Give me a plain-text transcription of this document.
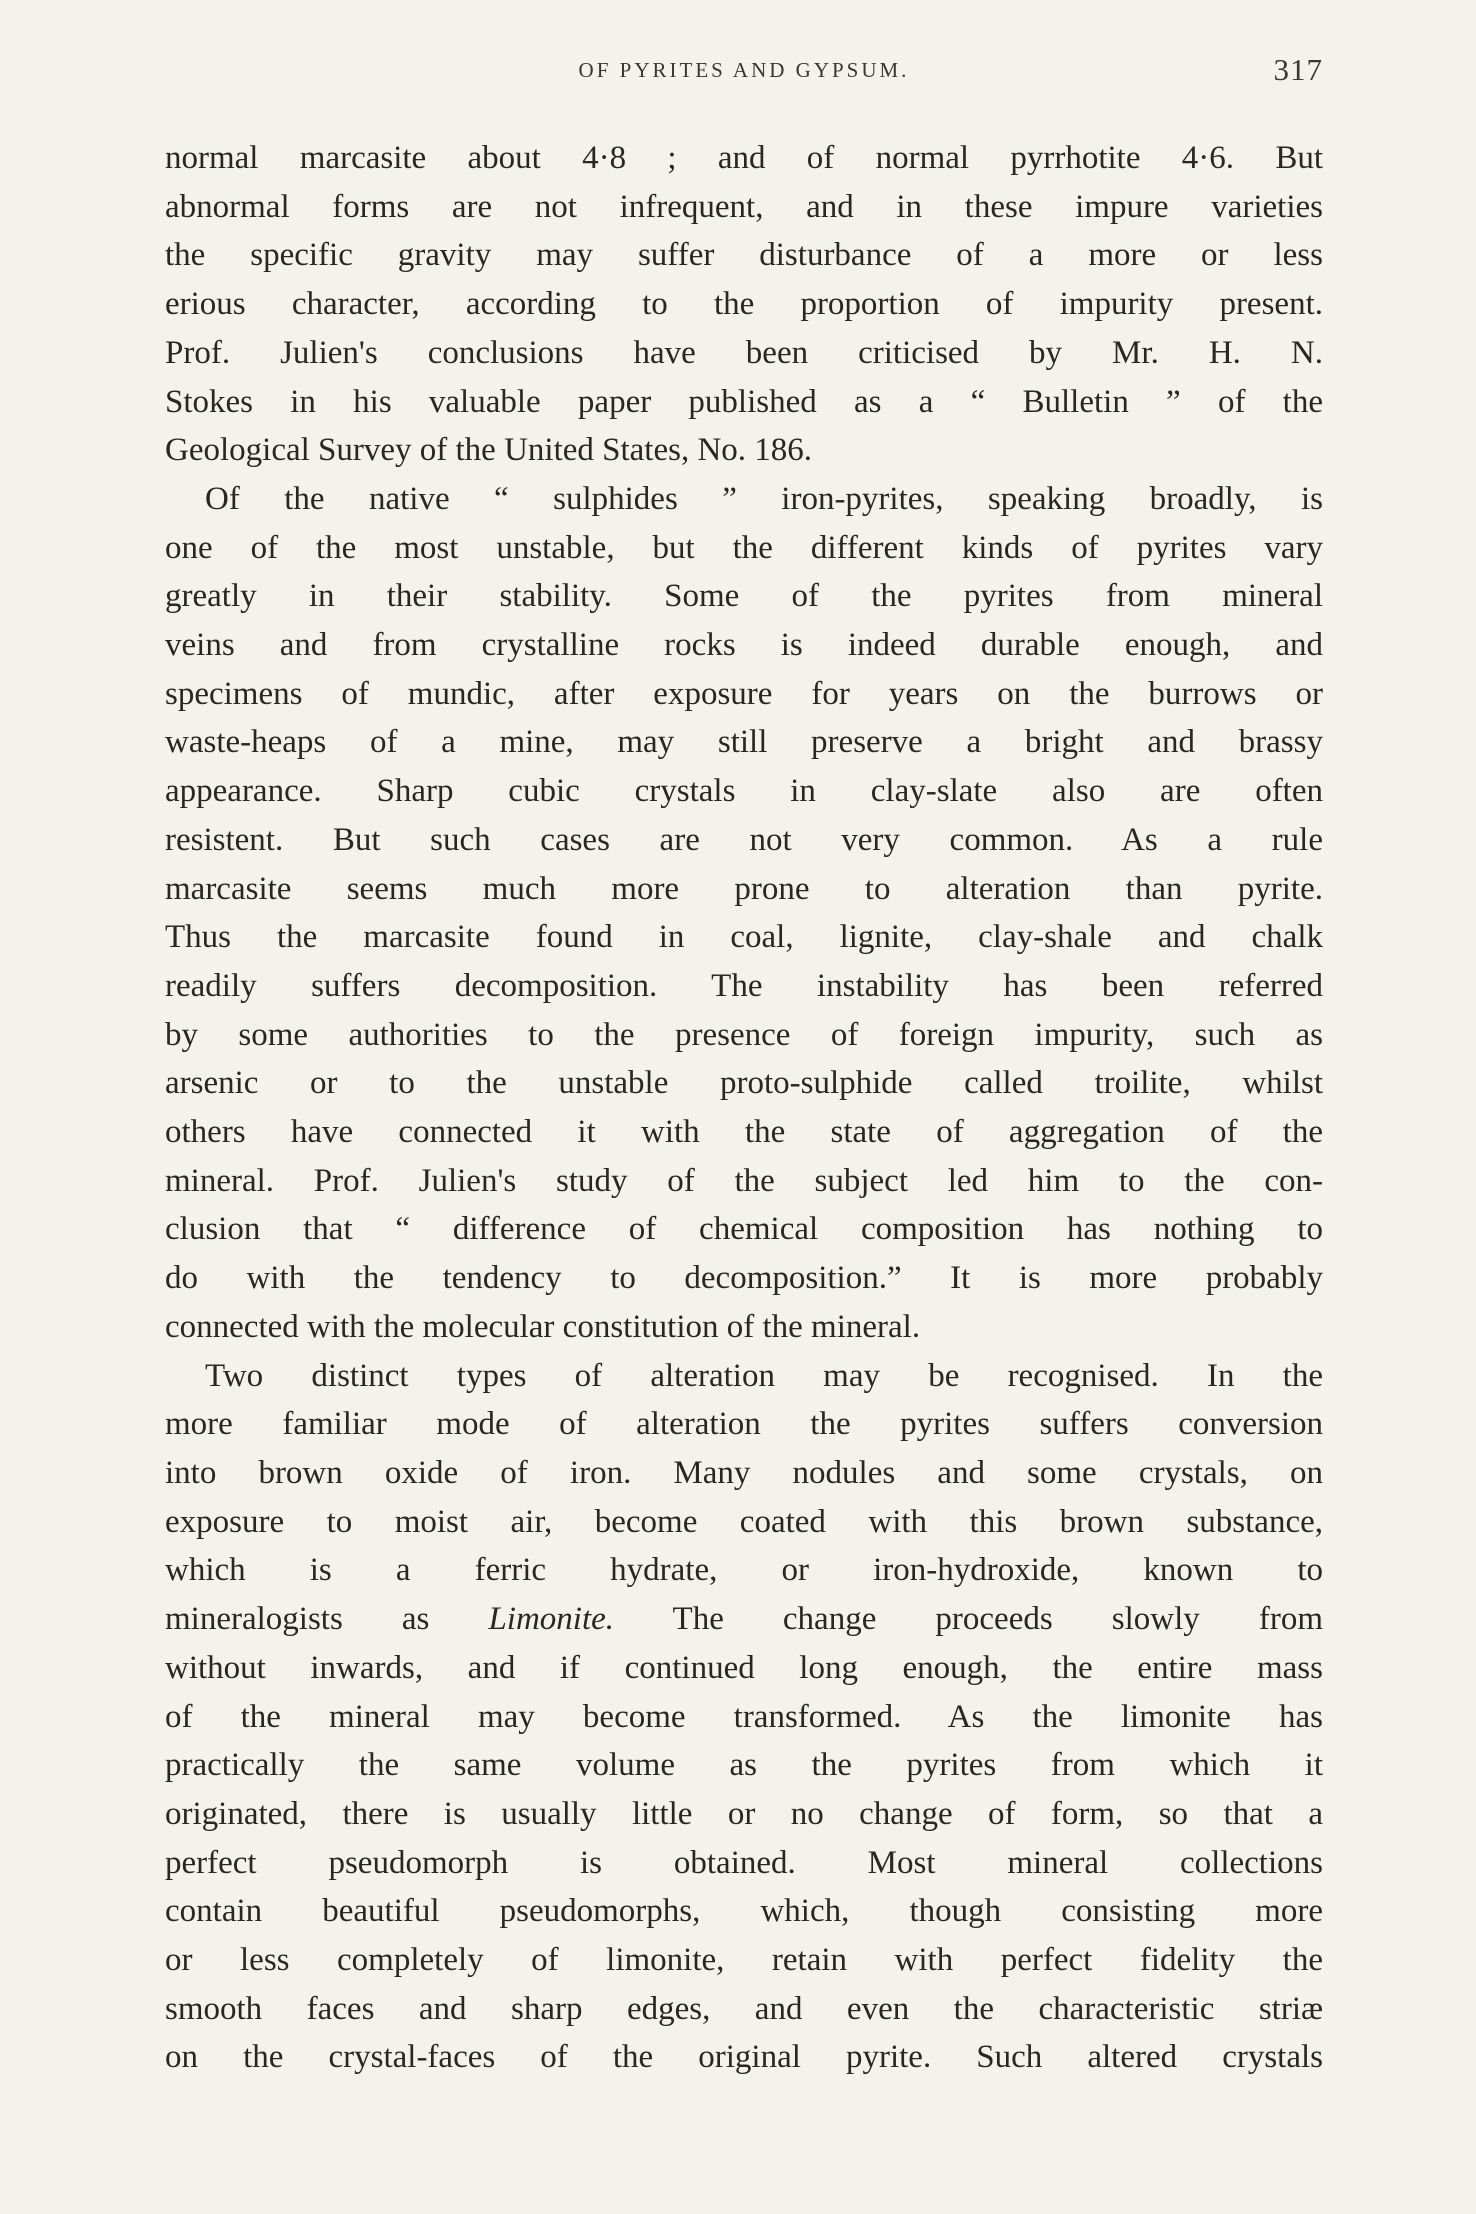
OF PYRITES AND GYPSUM.	317
normal marcasite about 4·8 ; and of normal pyrrhotite 4·6. But
abnormal forms are not infrequent, and in these impure varieties
the specific gravity may suffer disturbance of a more or less
erious character, according to the proportion of impurity present.
Prof. Julien's conclusions have been criticised by Mr. H. N.
Stokes in his valuable paper published as a “ Bulletin ” of the
Geological Survey of the United States, No. 186.
Of the native “ sulphides ” iron-pyrites, speaking broadly, is
one of the most unstable, but the different kinds of pyrites vary
greatly in their stability. Some of the pyrites from mineral
veins and from crystalline rocks is indeed durable enough, and
specimens of mundic, after exposure for years on the burrows or
waste-heaps of a mine, may still preserve a bright and brassy
appearance. Sharp cubic crystals in clay-slate also are often
resistent. But such cases are not very common. As a rule
marcasite seems much more prone to alteration than pyrite.
Thus the marcasite found in coal, lignite, clay-shale and chalk
readily suffers decomposition. The instability has been referred
by some authorities to the presence of foreign impurity, such as
arsenic or to the unstable proto-sulphide called troilite, whilst
others have connected it with the state of aggregation of the
mineral. Prof. Julien's study of the subject led him to the con-
clusion that “ difference of chemical composition has nothing to
do with the tendency to decomposition.” It is more probably
connected with the molecular constitution of the mineral.
Two distinct types of alteration may be recognised. In the
more familiar mode of alteration the pyrites suffers conversion
into brown oxide of iron. Many nodules and some crystals, on
exposure to moist air, become coated with this brown substance,
which is a ferric hydrate, or iron-hydroxide, known to
mineralogists as Limonite. The change proceeds slowly from
without inwards, and if continued long enough, the entire mass
of the mineral may become transformed. As the limonite has
practically the same volume as the pyrites from which it
originated, there is usually little or no change of form, so that a
perfect pseudomorph is obtained. Most mineral collections
contain beautiful pseudomorphs, which, though consisting more
or less completely of limonite, retain with perfect fidelity the
smooth faces and sharp edges, and even the characteristic striæ
on the crystal-faces of the original pyrite. Such altered crystals
